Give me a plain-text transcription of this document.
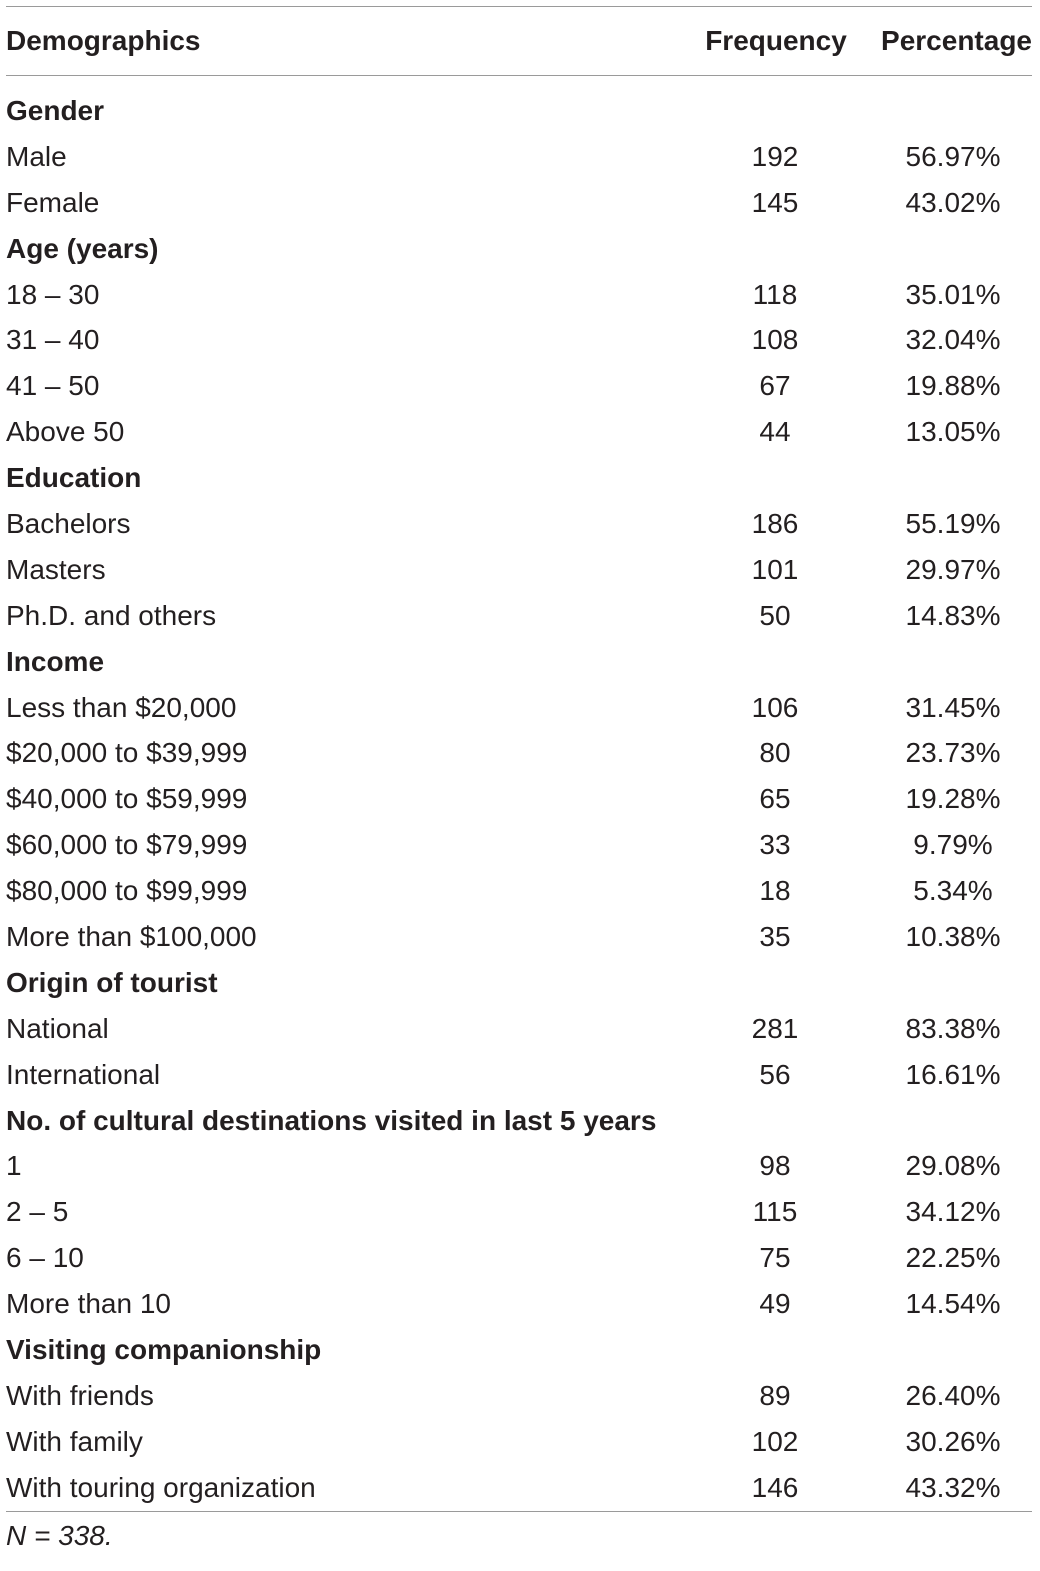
Demographics	Frequency	Percentage

Gender		
Male	192	56.97%
Female	145	43.02%
Age (years)		
18 – 30	118	35.01%
31 – 40	108	32.04%
41 – 50	67	19.88%
Above 50	44	13.05%
Education		
Bachelors	186	55.19%
Masters	101	29.97%
Ph.D. and others	50	14.83%
Income		
Less than $20,000	106	31.45%
$20,000 to $39,999	80	23.73%
$40,000 to $59,999	65	19.28%
$60,000 to $79,999	33	9.79%
$80,000 to $99,999	18	5.34%
More than $100,000	35	10.38%
Origin of tourist		
National	281	83.38%
International	56	16.61%
No. of cultural destinations visited in last 5 years		
1	98	29.08%
2 – 5	115	34.12%
6 – 10	75	22.25%
More than 10	49	14.54%
Visiting companionship		
With friends	89	26.40%
With family	102	30.26%
With touring organization	146	43.32%
N = 338.
